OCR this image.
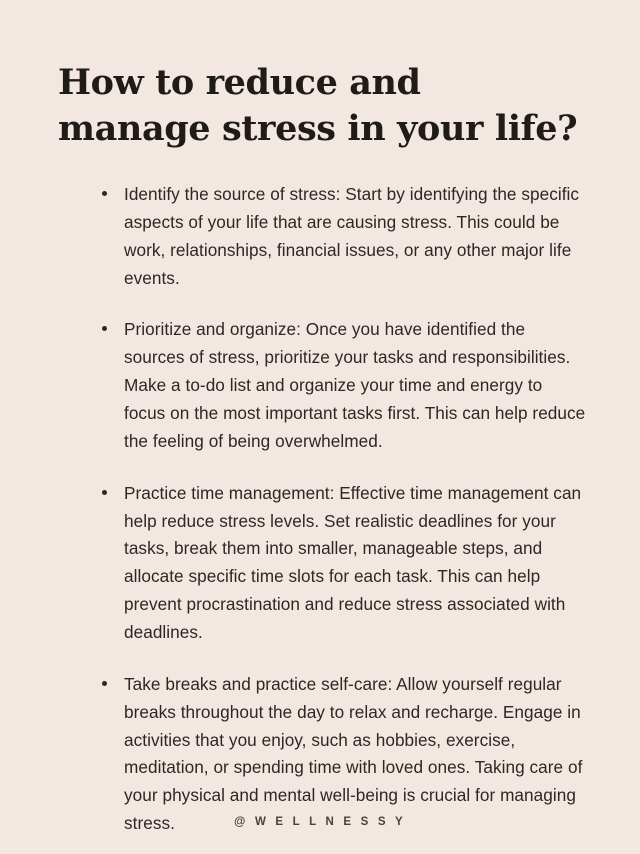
How to reduce and
manage stress in your life?
Identify the source of stress: Start by identifying the specific aspects of your life that are causing stress. This could be work, relationships, financial issues, or any other major life events.
Prioritize and organize: Once you have identified the sources of stress, prioritize your tasks and responsibilities. Make a to-do list and organize your time and energy to focus on the most important tasks first. This can help reduce the feeling of being overwhelmed.
Practice time management: Effective time management can help reduce stress levels. Set realistic deadlines for your tasks, break them into smaller, manageable steps, and allocate specific time slots for each task. This can help prevent procrastination and reduce stress associated with deadlines.
Take breaks and practice self-care: Allow yourself regular breaks throughout the day to relax and recharge. Engage in activities that you enjoy, such as hobbies, exercise, meditation, or spending time with loved ones. Taking care of your physical and mental well-being is crucial for managing stress.	@ W E L L N E S S Y
